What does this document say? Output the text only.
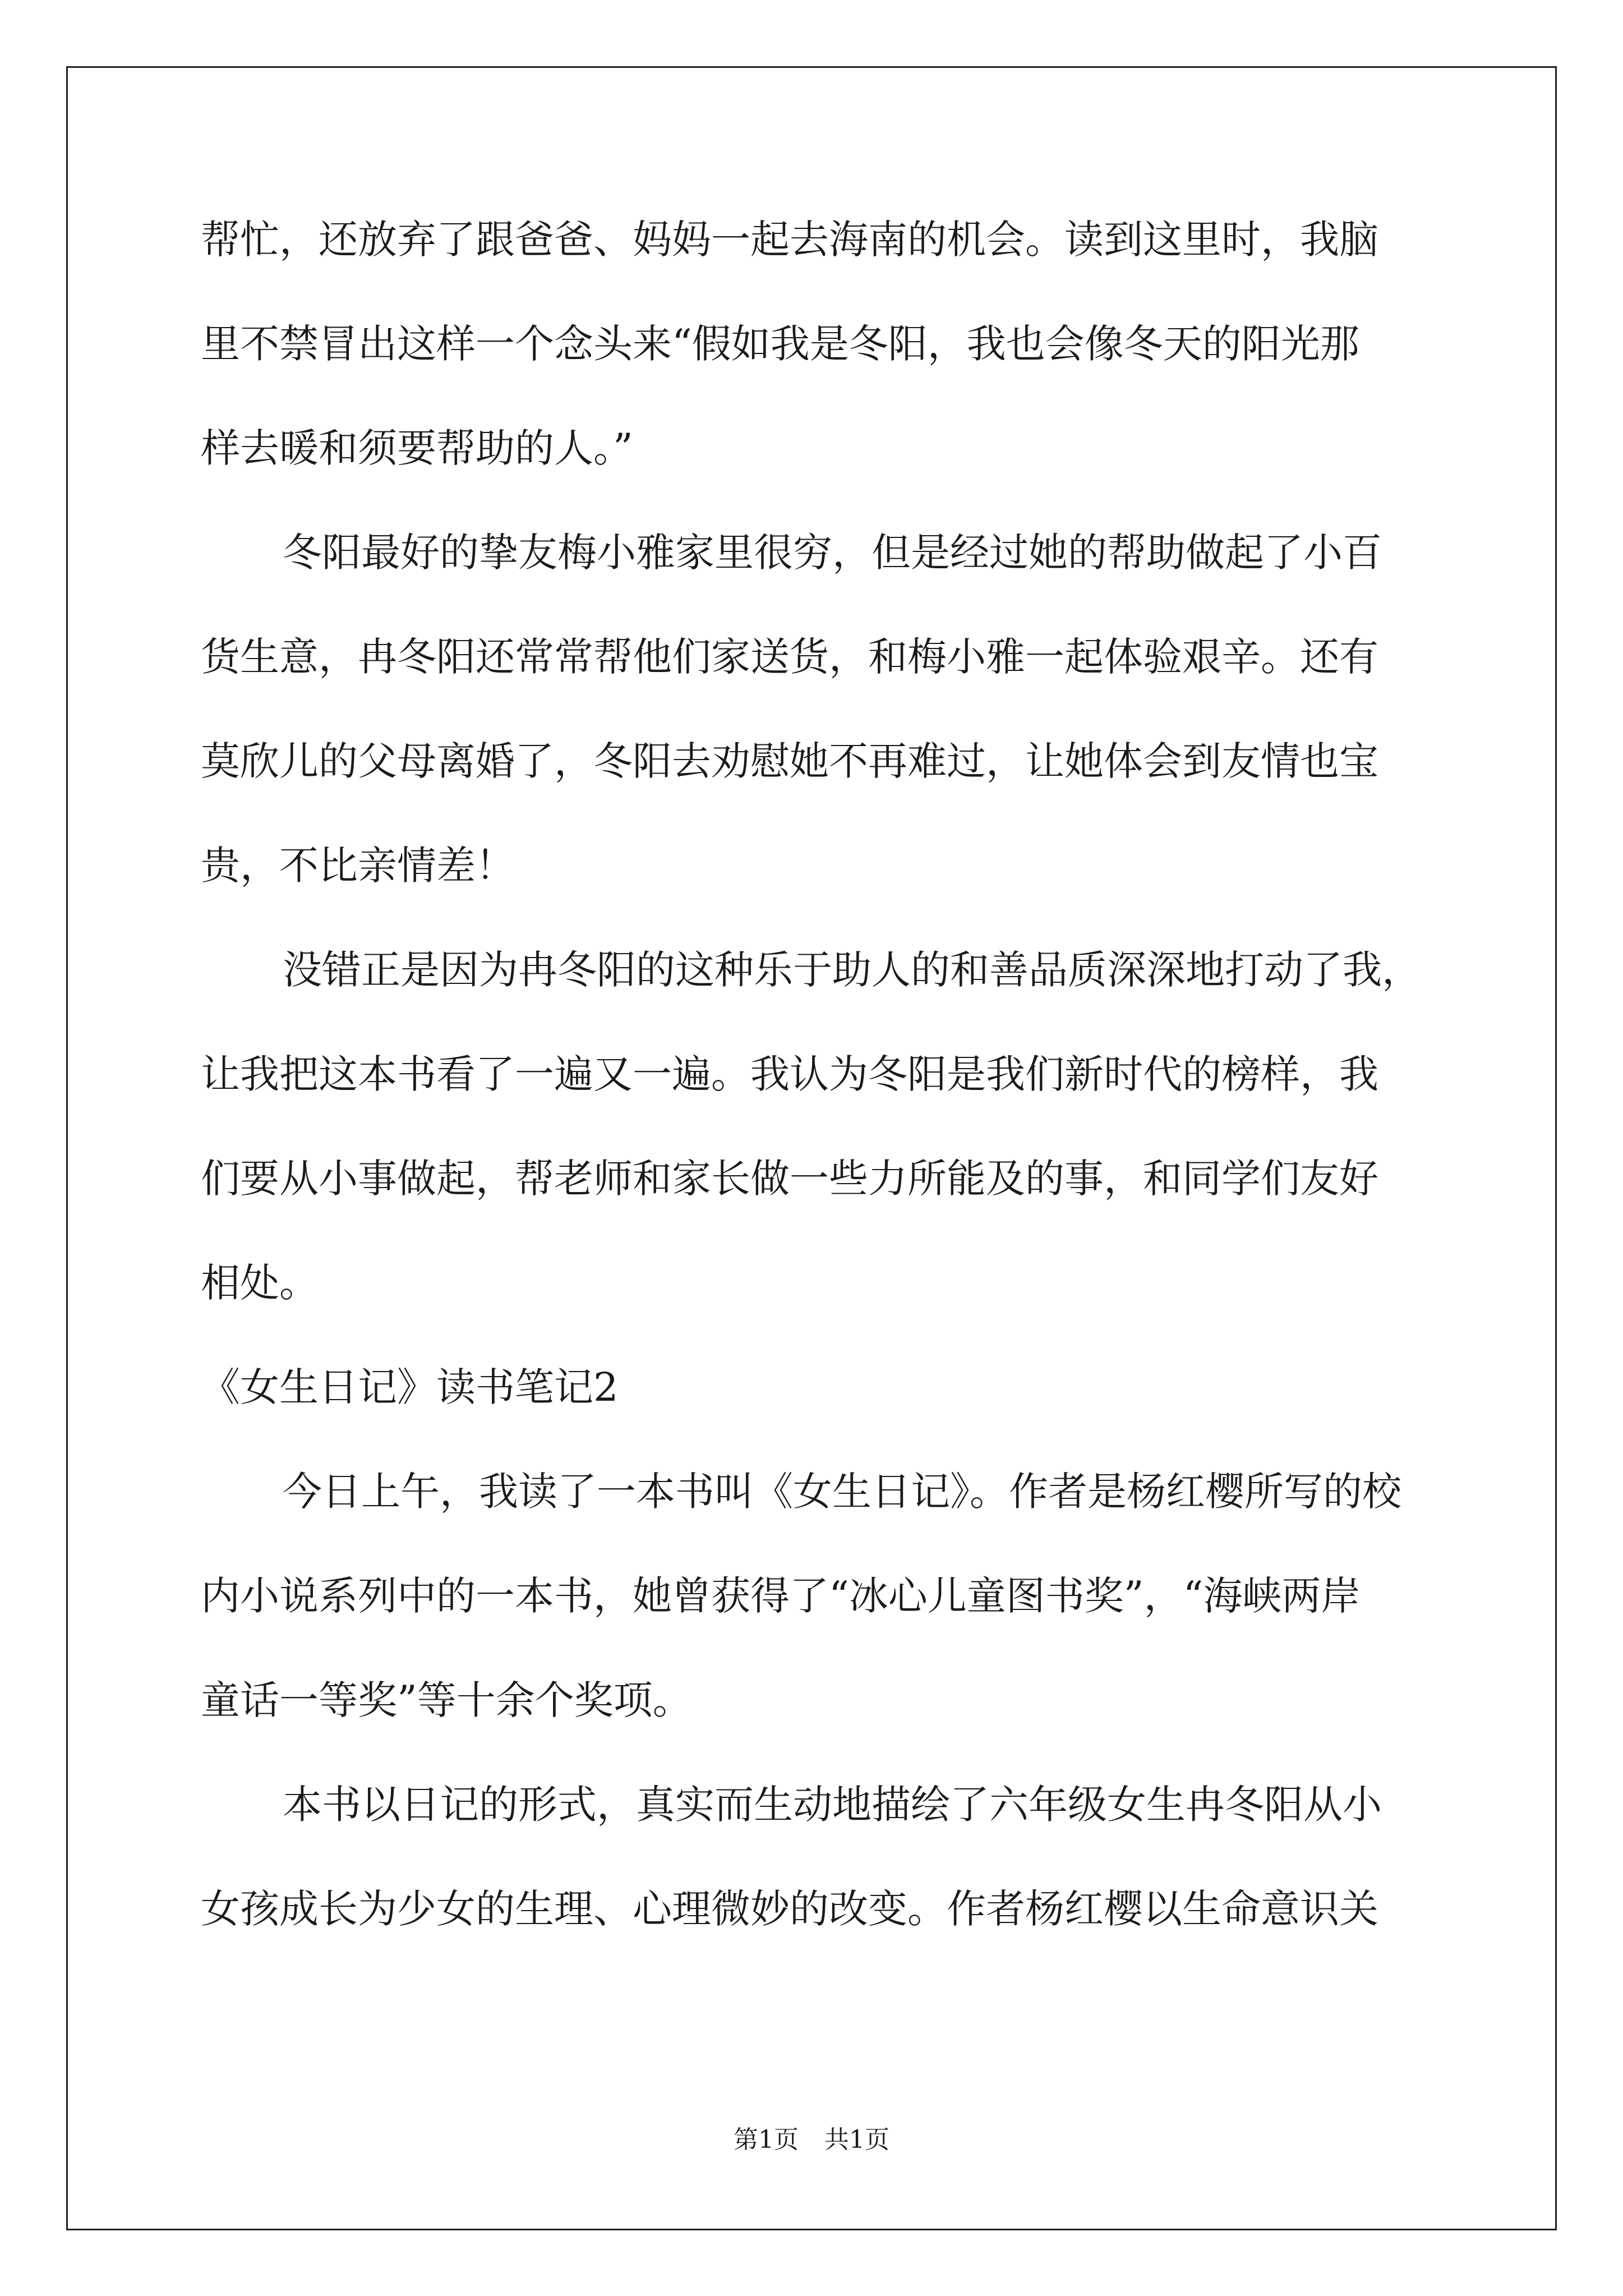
帮忙，还放弃了跟爸爸、妈妈一起去海南的机会。读到这里时，我脑

里不禁冒出这样一个念头来“假如我是冬阳，我也会像冬天的阳光那

样去暖和须要帮助的人。”

冬阳最好的挚友梅小雅家里很穷，但是经过她的帮助做起了小百

货生意，冉冬阳还常常帮他们家送货，和梅小雅一起体验艰辛。还有

莫欣儿的父母离婚了，冬阳去劝慰她不再难过，让她体会到友情也宝

贵，不比亲情差！

没错正是因为冉冬阳的这种乐于助人的和善品质深深地打动了我，

让我把这本书看了一遍又一遍。我认为冬阳是我们新时代的榜样，我

们要从小事做起，帮老师和家长做一些力所能及的事，和同学们友好

相处。

《女生日记》读书笔记2

今日上午，我读了一本书叫《女生日记》。作者是杨红樱所写的校

内小说系列中的一本书，她曾获得了“冰心儿童图书奖”，“海峡两岸

童话一等奖”等十余个奖项。

本书以日记的形式，真实而生动地描绘了六年级女生冉冬阳从小

女孩成长为少女的生理、心理微妙的改变。作者杨红樱以生命意识关

第1页 共1页
